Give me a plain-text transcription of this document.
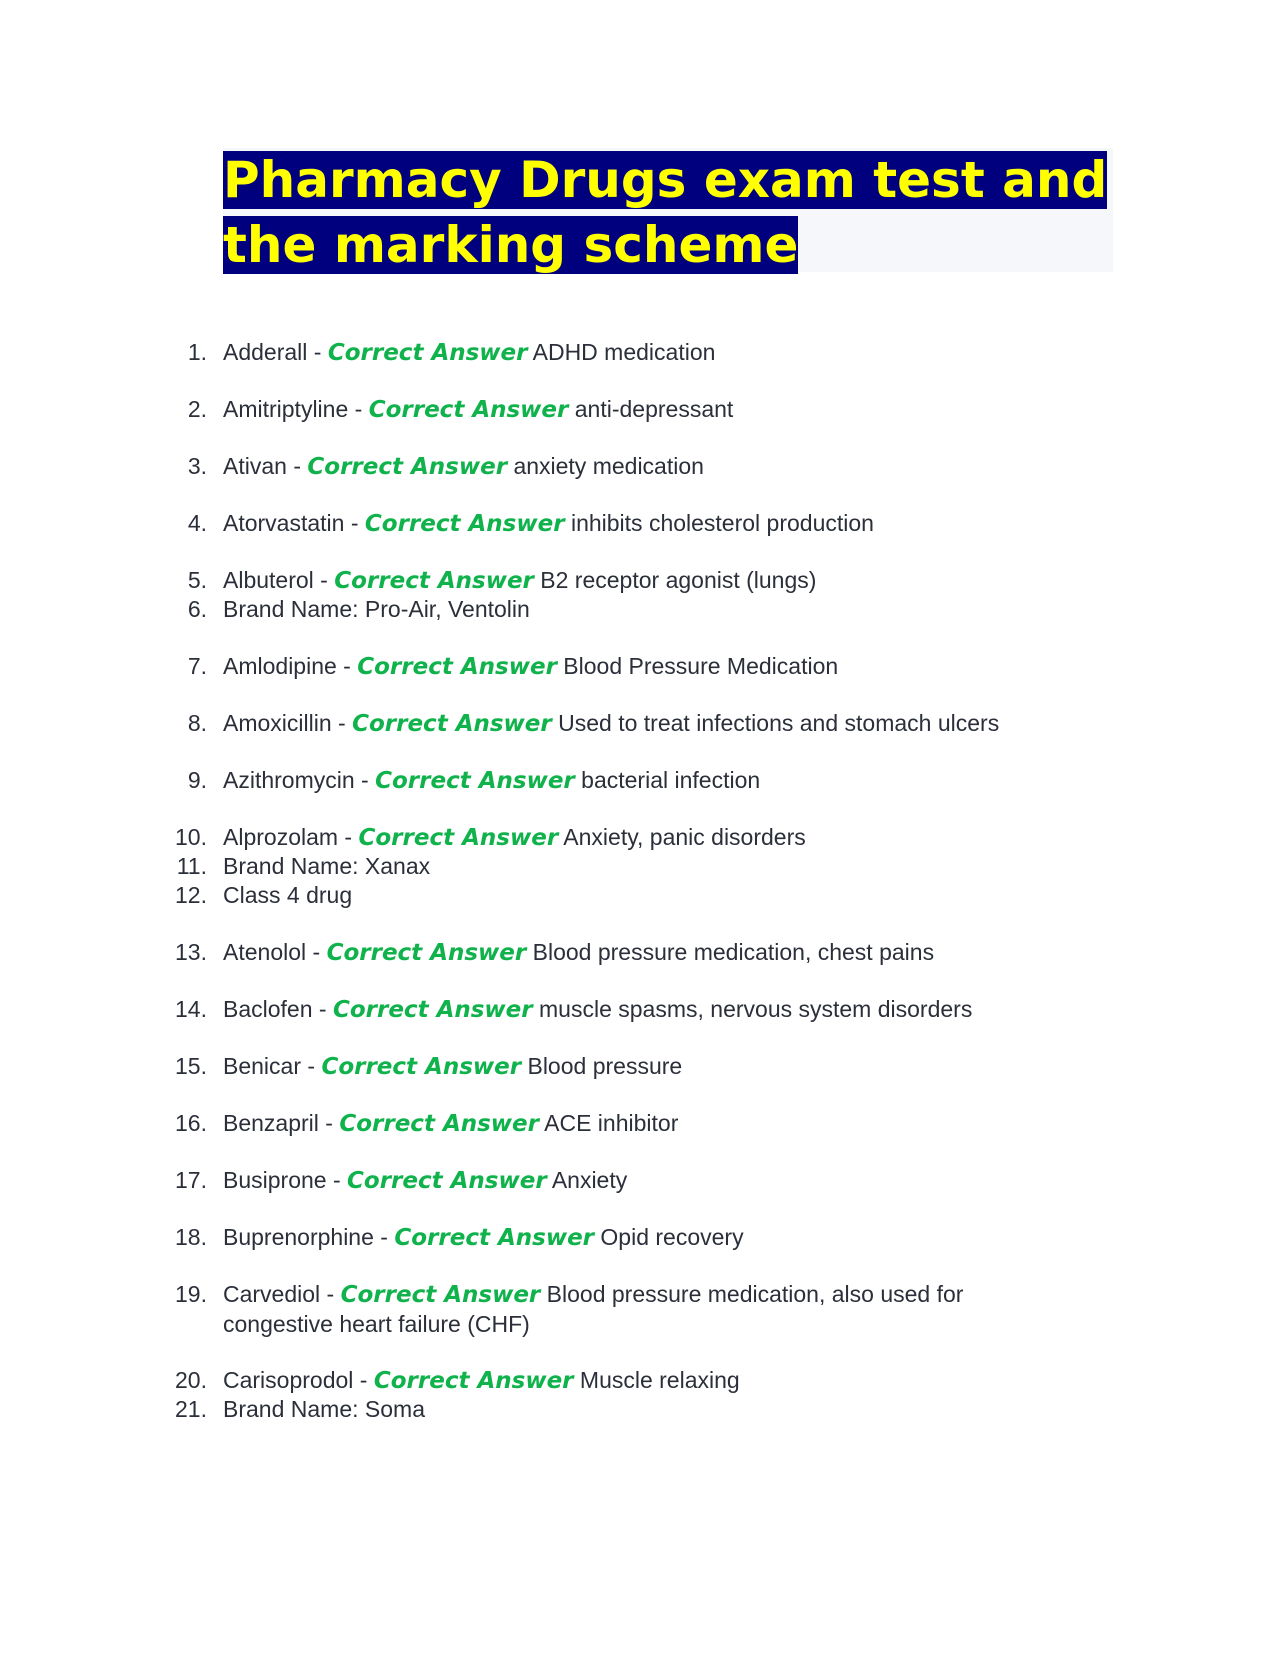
Pharmacy Drugs exam test and
the marking scheme
1. Adderall - Correct Answer ADHD medication
2. Amitriptyline - Correct Answer anti-depressant
3. Ativan - Correct Answer anxiety medication
4. Atorvastatin - Correct Answer inhibits cholesterol production
5. Albuterol - Correct Answer B2 receptor agonist (lungs)
6. Brand Name: Pro-Air, Ventolin
7. Amlodipine - Correct Answer Blood Pressure Medication
8. Amoxicillin - Correct Answer Used to treat infections and stomach ulcers
9. Azithromycin - Correct Answer bacterial infection
10. Alprozolam - Correct Answer Anxiety, panic disorders
11. Brand Name: Xanax
12. Class 4 drug
13. Atenolol - Correct Answer Blood pressure medication, chest pains
14. Baclofen - Correct Answer muscle spasms, nervous system disorders
15. Benicar - Correct Answer Blood pressure
16. Benzapril - Correct Answer ACE inhibitor
17. Busiprone - Correct Answer Anxiety
18. Buprenorphine - Correct Answer Opid recovery
19. Carvediol - Correct Answer Blood pressure medication, also used for congestive heart failure (CHF)
20. Carisoprodol - Correct Answer Muscle relaxing
21. Brand Name: Soma
